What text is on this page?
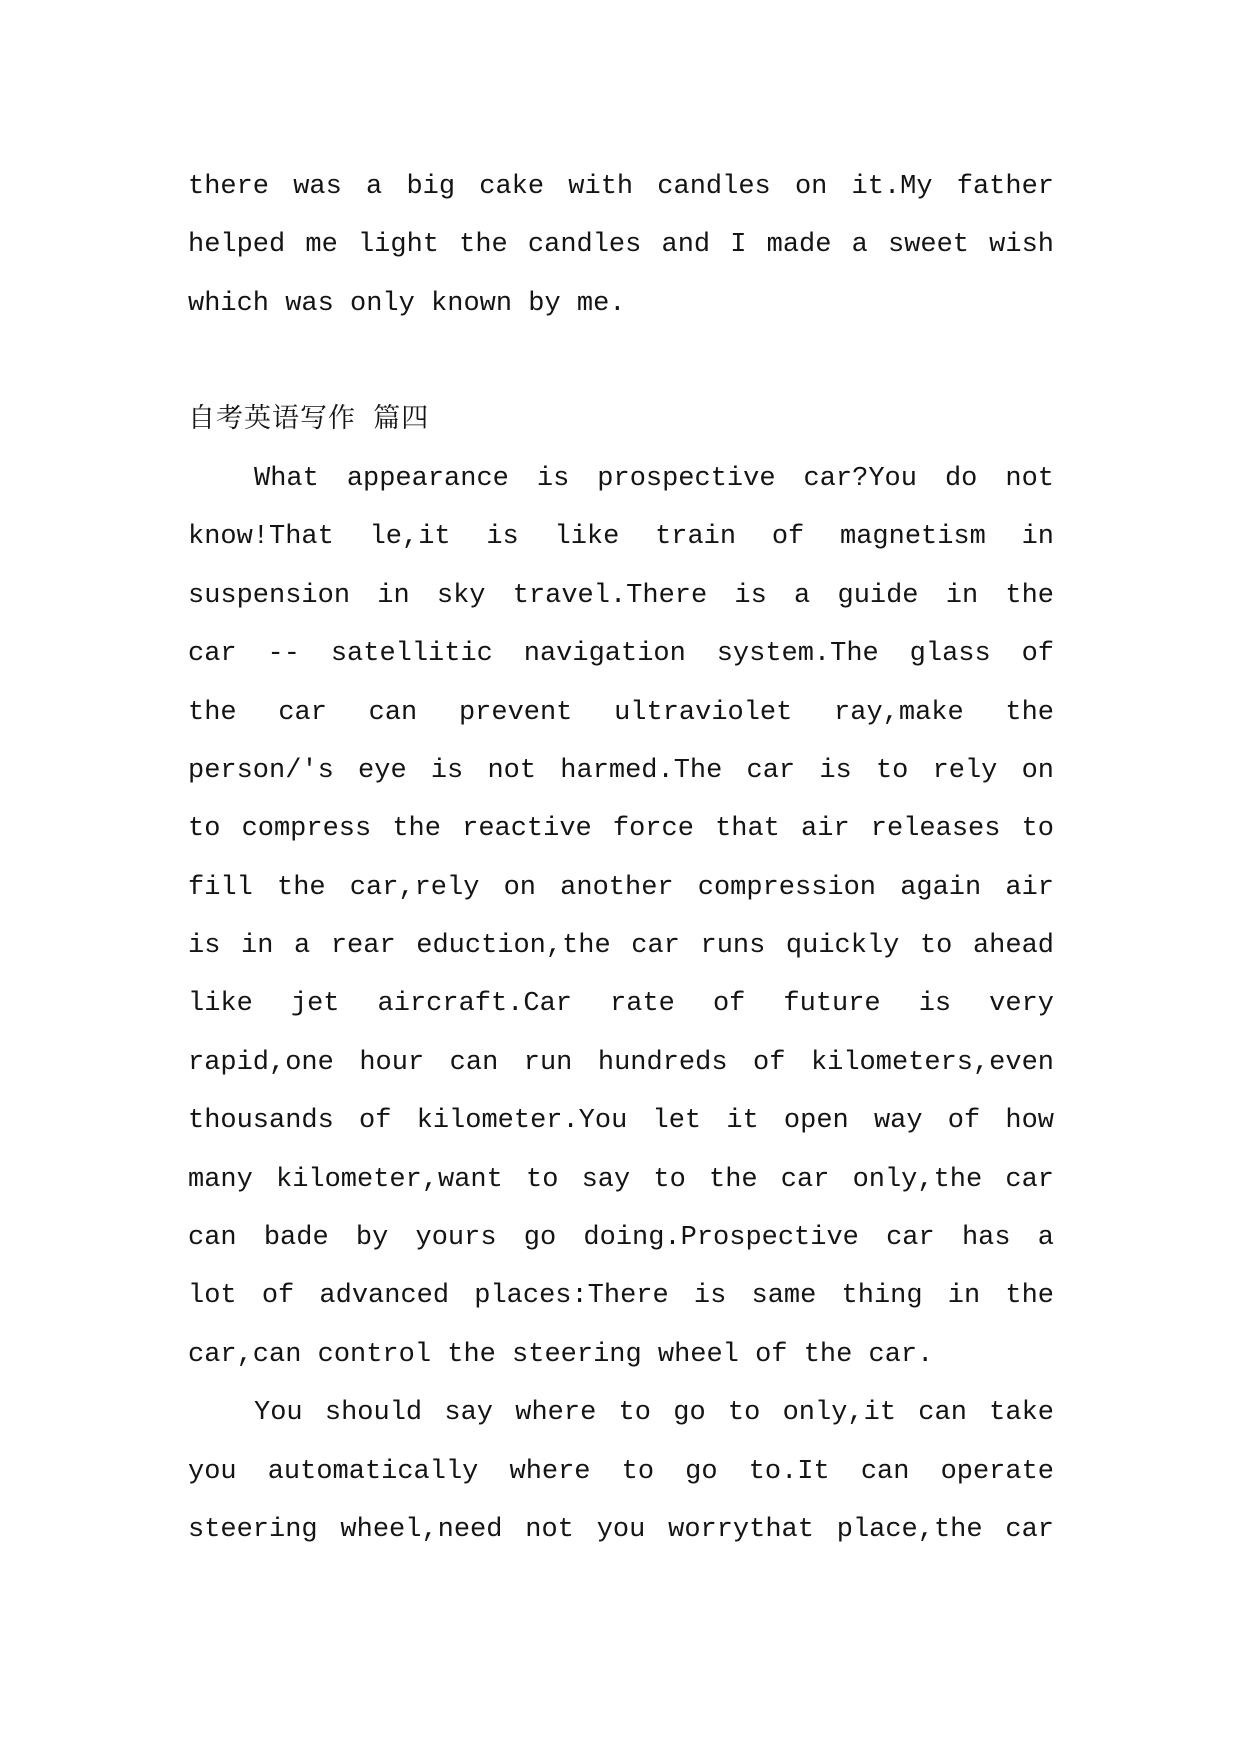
there was a big cake with candles on it.My father
helped me light the candles and I made a sweet wish
which was only known by me.
自考英语写作 篇四
What appearance is prospective car?You do not
know!That le,it is like train of magnetism in
suspension in sky travel.There is a guide in the
car -- satellitic navigation system.The glass of
the car can prevent ultraviolet ray,make the
person/'s eye is not harmed.The car is to rely on
to compress the reactive force that air releases to
fill the car,rely on another compression again air
is in a rear eduction,the car runs quickly to ahead
like jet aircraft.Car rate of future is very
rapid,one hour can run hundreds of kilometers,even
thousands of kilometer.You let it open way of how
many kilometer,want to say to the car only,the car
can bade by yours go doing.Prospective car has a
lot of advanced places:There is same thing in the
car,can control the steering wheel of the car.
You should say where to go to only,it can take
you automatically where to go to.It can operate
steering wheel,need not you worrythat place,the car
